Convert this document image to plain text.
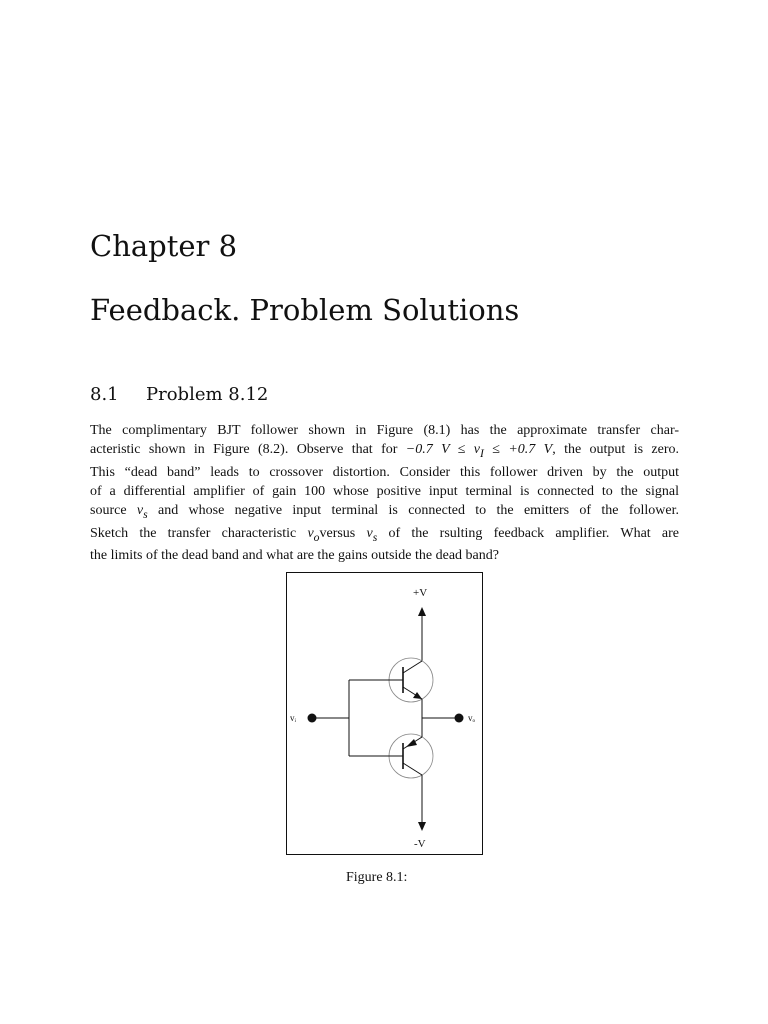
Chapter 8
Feedback. Problem Solutions
8.1 Problem 8.12
The complimentary BJT follower shown in Figure (8.1) has the approximate transfer char-
acteristic shown in Figure (8.2). Observe that for −0.7 $V \le v_I \le +0.7$ V, the output is zero.
This “dead band” leads to crossover distortion. Consider this follower driven by the output
of a differential amplifier of gain 100 whose positive input terminal is connected to the signal
source $v_s$ and whose negative input terminal is connected to the emitters of the follower.
Sketch the transfer characteristic $v_oversus$ $v_s$ of the rsulting feedback amplifier. What are
the limits of the dead band and what are the gains outside the dead band?
+V
vᵢ	vₒ
-V

Figure 8.1:
